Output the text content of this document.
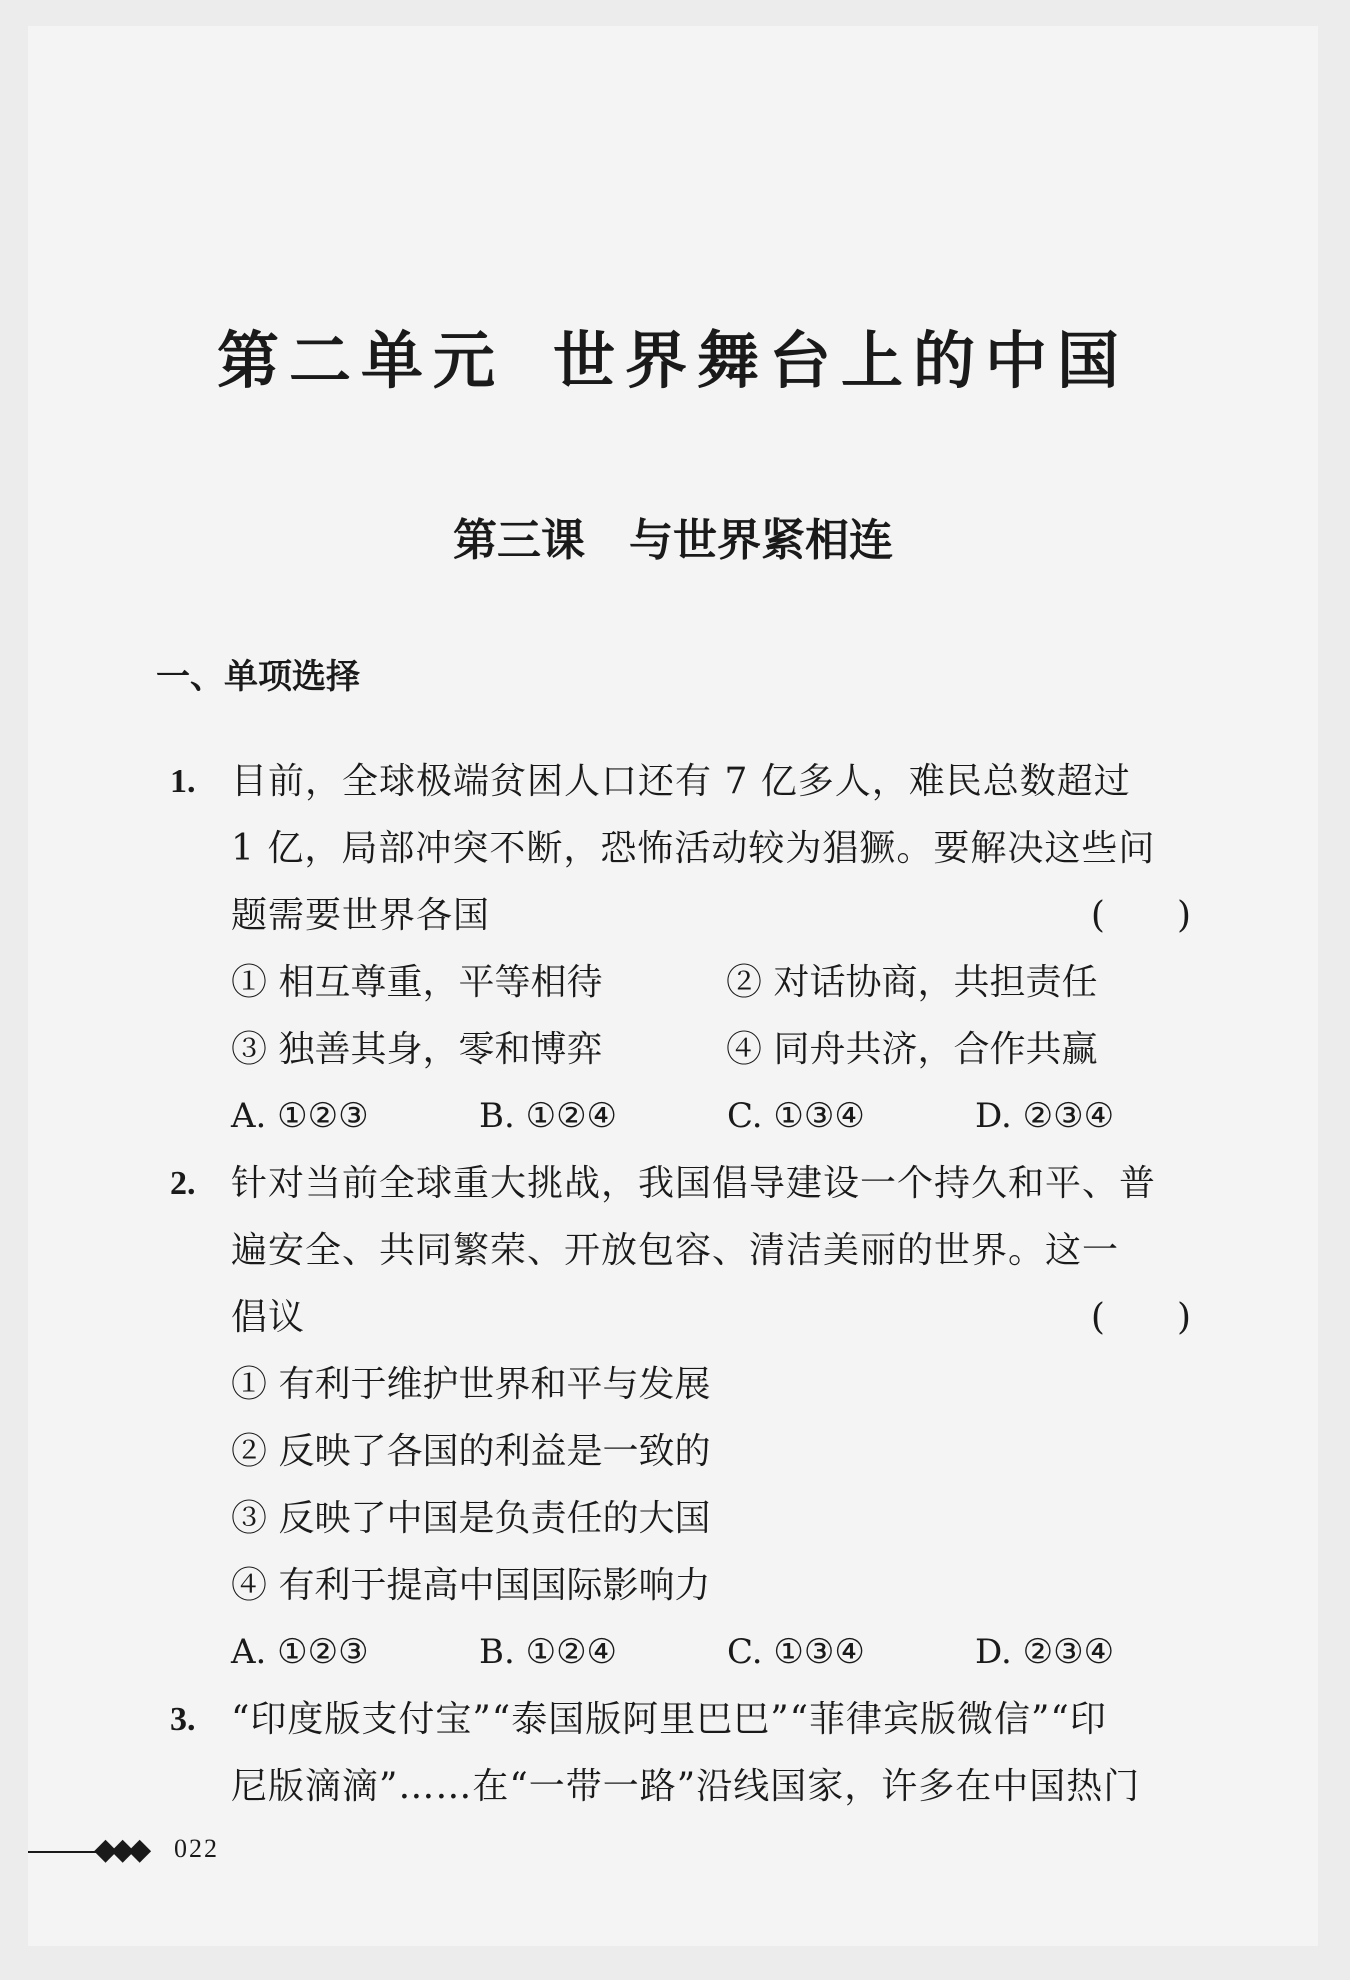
第二单元 世界舞台上的中国
第三课 与世界紧相连
一、单项选择
1. 目前，全球极端贫困人口还有 7 亿多人，难民总数超过
1 亿，局部冲突不断，恐怖活动较为猖獗。要解决这些问
题需要世界各国	(　　)
① 相互尊重，平等相待	② 对话协商，共担责任
③ 独善其身，零和博弈	④ 同舟共济，合作共赢
A. ①②③	B. ①②④	C. ①③④	D. ②③④
2. 针对当前全球重大挑战，我国倡导建设一个持久和平、普
遍安全、共同繁荣、开放包容、清洁美丽的世界。这一
倡议	(　　)
① 有利于维护世界和平与发展
② 反映了各国的利益是一致的
③ 反映了中国是负责任的大国
④ 有利于提高中国国际影响力
A. ①②③	B. ①②④	C. ①③④	D. ②③④
3. “印度版支付宝”“泰国版阿里巴巴”“菲律宾版微信”“印
尼版滴滴”……在“一带一路”沿线国家，许多在中国热门
◆◆◆ 022
